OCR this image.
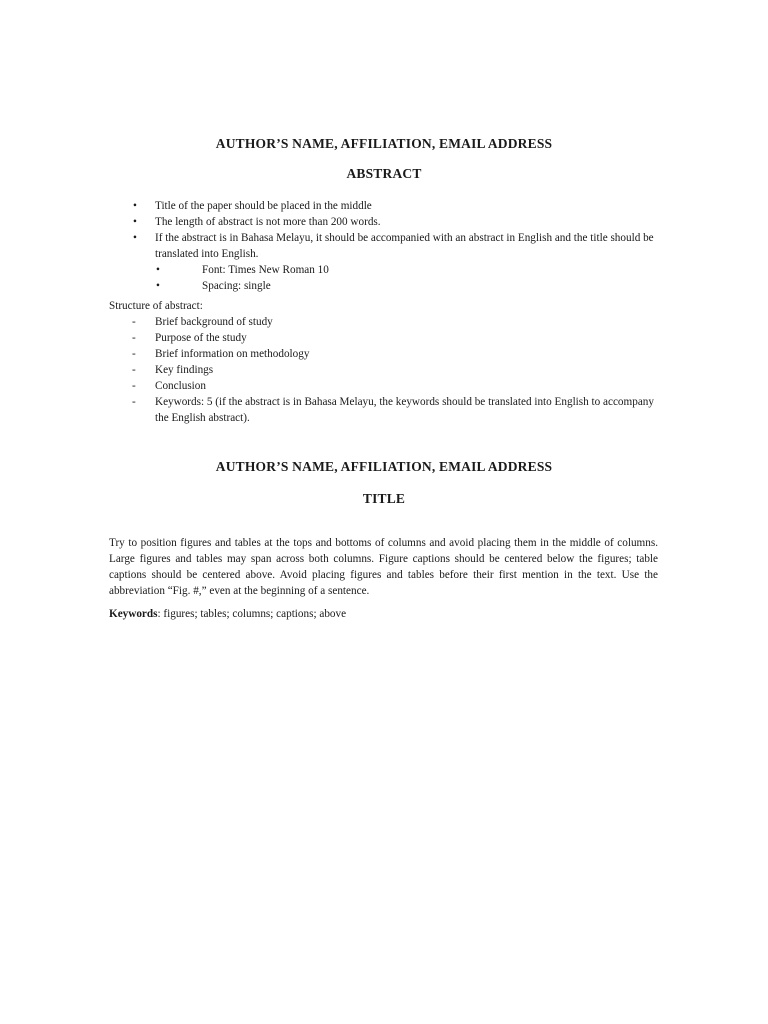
AUTHOR’S NAME, AFFILIATION, EMAIL ADDRESS
ABSTRACT
• Title of the paper should be placed in the middle
• The length of abstract is not more than 200 words.
• If the abstract is in Bahasa Melayu, it should be accompanied with an abstract in English and the title should be translated into English.
•	Font: Times New Roman 10
•	Spacing: single

Structure of abstract:

- Brief background of study
- Purpose of the study
- Brief information on methodology
- Key findings
- Conclusion
- Keywords: 5 (if the abstract is in Bahasa Melayu, the keywords should be translated into English to accompany the English abstract).
AUTHOR’S NAME, AFFILIATION, EMAIL ADDRESS
TITLE

Try to position figures and tables at the tops and bottoms of columns and avoid placing them in the middle of columns. Large figures and tables may span across both columns. Figure captions should be centered below the figures; table captions should be centered above. Avoid placing figures and tables before their first mention in the text. Use the abbreviation “Fig. #,” even at the beginning of a sentence.

Keywords: figures; tables; columns; captions; above
